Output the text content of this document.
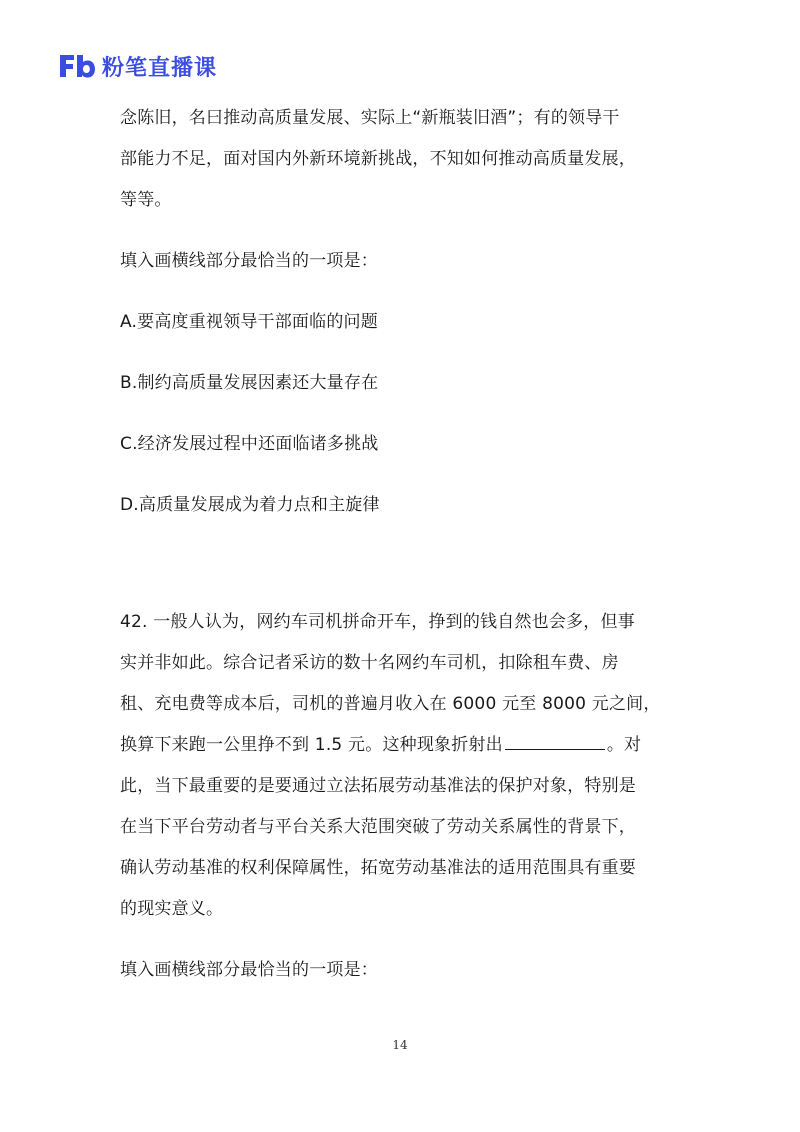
粉笔直播课

念陈旧，名曰推动高质量发展、实际上“新瓶装旧酒”；有的领导干

部能力不足，面对国内外新环境新挑战，不知如何推动高质量发展，

等等。

填入画横线部分最恰当的一项是：

A.要高度重视领导干部面临的问题

B.制约高质量发展因素还大量存在

C.经济发展过程中还面临诸多挑战

D.高质量发展成为着力点和主旋律

42. 一般人认为，网约车司机拼命开车，挣到的钱自然也会多，但事

实并非如此。综合记者采访的数十名网约车司机，扣除租车费、房

租、充电费等成本后，司机的普遍月收入在 6000 元至 8000 元之间，

换算下来跑一公里挣不到 1.5 元。这种现象折射出	。对

此，当下最重要的是要通过立法拓展劳动基准法的保护对象，特别是

在当下平台劳动者与平台关系大范围突破了劳动关系属性的背景下，

确认劳动基准的权利保障属性，拓宽劳动基准法的适用范围具有重要

的现实意义。

填入画横线部分最恰当的一项是：

14
